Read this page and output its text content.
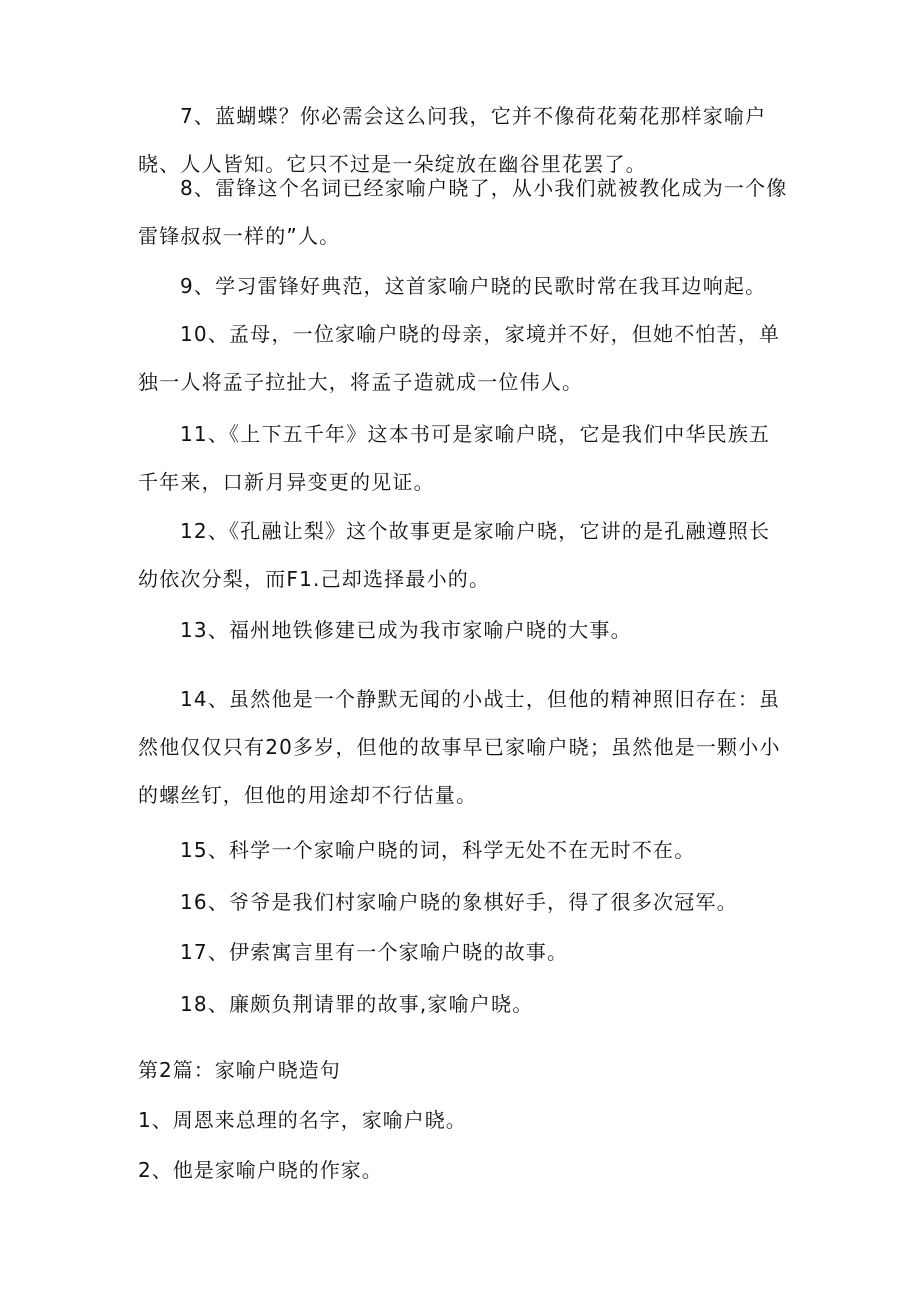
7、蓝蝴蝶？你必需会这么问我，它并不像荷花菊花那样家喻户晓、人人皆知。它只不过是一朵绽放在幽谷里花罢了。

8、雷锋这个名词已经家喻户晓了，从小我们就被教化成为一个像雷锋叔叔一样的”人。

9、学习雷锋好典范，这首家喻户晓的民歌时常在我耳边响起。

10、孟母，一位家喻户晓的母亲，家境并不好，但她不怕苦，单独一人将孟子拉扯大，将孟子造就成一位伟人。

11、《上下五千年》这本书可是家喻户晓，它是我们中华民族五千年来，口新月异变更的见证。

12、《孔融让梨》这个故事更是家喻户晓，它讲的是孔融遵照长幼依次分梨，而F1.己却选择最小的。

13、福州地铁修建已成为我市家喻户晓的大事。

14、虽然他是一个静默无闻的小战士，但他的精神照旧存在：虽然他仅仅只有20多岁，但他的故事早已家喻户晓；虽然他是一颗小小的螺丝钉，但他的用途却不行估量。

15、科学一个家喻户晓的词，科学无处不在无时不在。

16、爷爷是我们村家喻户晓的象棋好手，得了很多次冠军。

17、伊索寓言里有一个家喻户晓的故事。

18、廉颇负荆请罪的故事,家喻户晓。

第2篇：家喻户晓造句

1、周恩来总理的名字，家喻户晓。

2、他是家喻户晓的作家。
